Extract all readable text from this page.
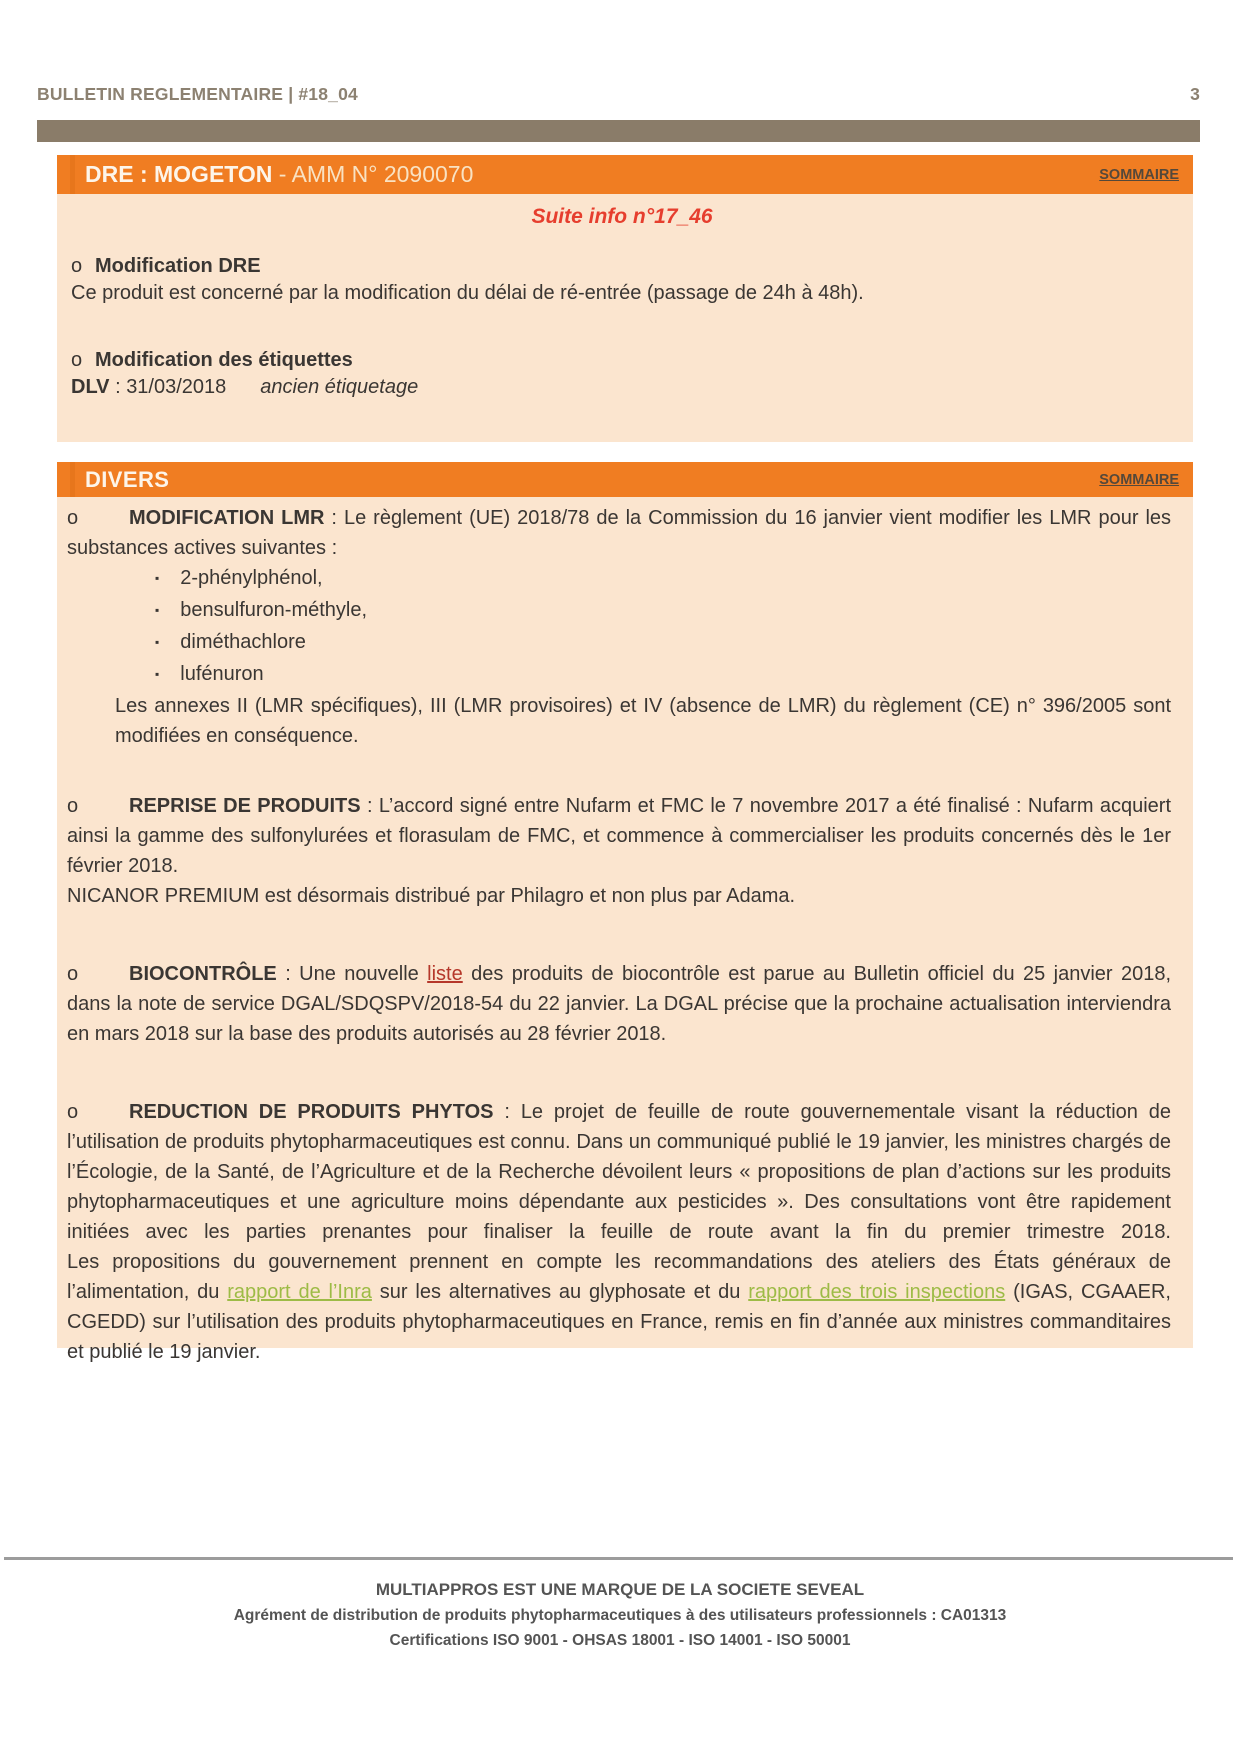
BULLETIN REGLEMENTAIRE | #18_04	3
DRE : MOGETON - AMM N° 2090070	SOMMAIRE
Suite info n°17_46
oModification DRE
Ce produit est concerné par la modification du délai de ré-entrée (passage de 24h à 48h).
oModification des étiquettes
DLV : 31/03/2018 ancien étiquetage
DIVERS	SOMMAIRE
oMODIFICATION LMR : Le règlement (UE) 2018/78 de la Commission du 16 janvier vient modifier les LMR pour les substances actives suivantes :
▪ 2-phénylphénol,
▪ bensulfuron-méthyle,
▪ diméthachlore
▪ lufénuron
Les annexes II (LMR spécifiques), III (LMR provisoires) et IV (absence de LMR) du règlement (CE) n° 396/2005 sont modifiées en conséquence.
oREPRISE DE PRODUITS : L’accord signé entre Nufarm et FMC le 7 novembre 2017 a été finalisé : Nufarm acquiert ainsi la gamme des sulfonylurées et florasulam de FMC, et commence à commercialiser les produits concernés dès le 1er février 2018.
NICANOR PREMIUM est désormais distribué par Philagro et non plus par Adama.
oBIOCONTRÔLE : Une nouvelle liste des produits de biocontrôle est parue au Bulletin officiel du 25 janvier 2018, dans la note de service DGAL/SDQSPV/2018-54 du 22 janvier. La DGAL précise que la prochaine actualisation interviendra en mars 2018 sur la base des produits autorisés au 28 février 2018.
oREDUCTION DE PRODUITS PHYTOS : Le projet de feuille de route gouvernementale visant la réduction de l’utilisation de produits phytopharmaceutiques est connu. Dans un communiqué publié le 19 janvier, les ministres chargés de l’Écologie, de la Santé, de l’Agriculture et de la Recherche dévoilent leurs « propositions de plan d’actions sur les produits phytopharmaceutiques et une agriculture moins dépendante aux pesticides ». Des consultations vont être rapidement initiées avec les parties prenantes pour finaliser la feuille de route avant la fin du premier trimestre 2018.
Les propositions du gouvernement prennent en compte les recommandations des ateliers des États généraux de l’alimentation, du rapport de l’Inra sur les alternatives au glyphosate et du rapport des trois inspections (IGAS, CGAAER, CGEDD) sur l’utilisation des produits phytopharmaceutiques en France, remis en fin d’année aux ministres commanditaires et publié le 19 janvier.
MULTIAPPROS EST UNE MARQUE DE LA SOCIETE SEVEAL
Agrément de distribution de produits phytopharmaceutiques à des utilisateurs professionnels : CA01313
Certifications ISO 9001 - OHSAS 18001 - ISO 14001 - ISO 50001
